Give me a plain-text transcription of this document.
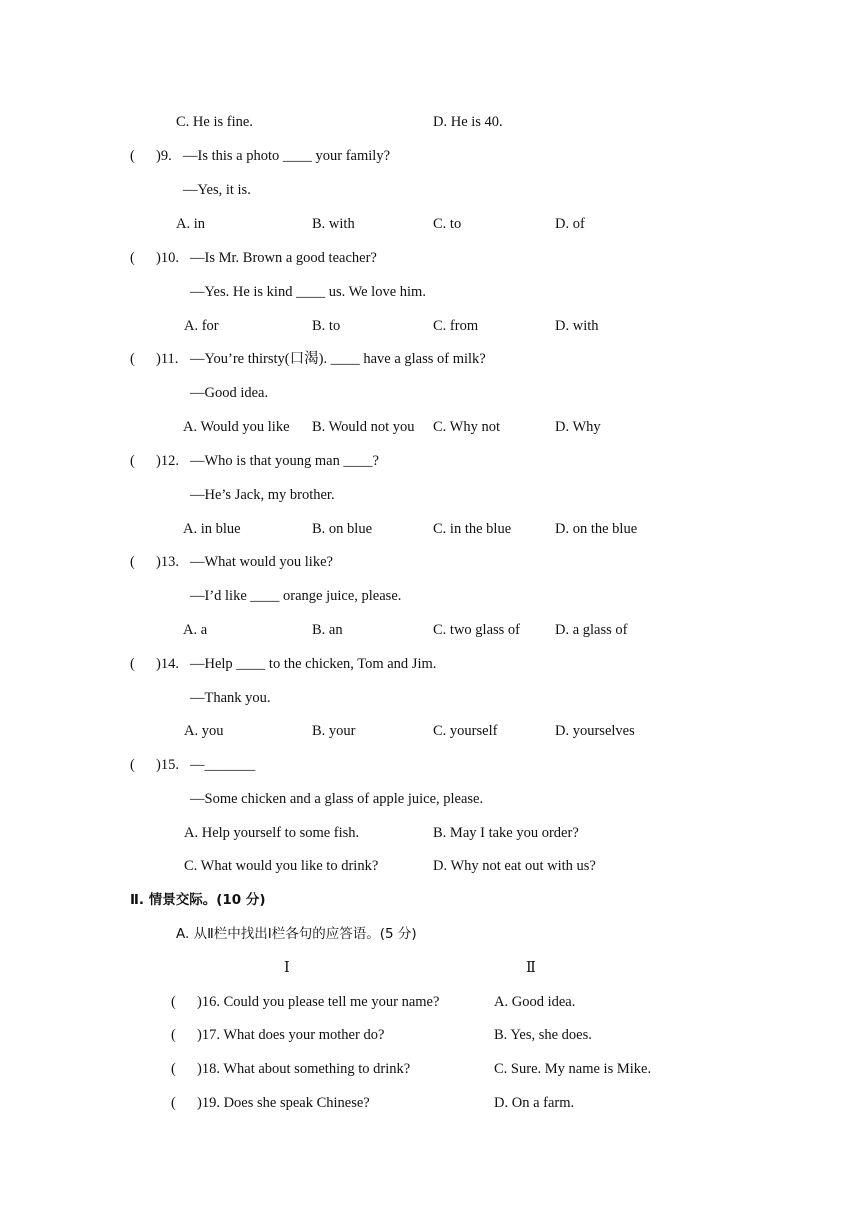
C. He is fine.	D. He is 40.
( )9. —Is this a photo ____ your family?
—Yes, it is.
A. in	B. with	C. to	D. of
( )10. —Is Mr. Brown a good teacher?
—Yes. He is kind ____ us. We love him.
A. for	B. to	C. from	D. with
( )11. —You’re thirsty(口渴). ____ have a glass of milk?
—Good idea.
A. Would you like B. Would not you C. Why not	D. Why
( )12. —Who is that young man ____?
—He’s Jack, my brother.
A. in blue	B. on blue	C. in the blue	D. on the blue
( )13. —What would you like?
—I’d like ____ orange juice, please.
A. a	B. an	C. two glass of D. a glass of
( )14. —Help ____ to the chicken, Tom and Jim.
—Thank you.
A. you	B. your	C. yourself	D. yourselves
( )15. —_______
—Some chicken and a glass of apple juice, please.
A. Help yourself to some fish.	B. May I take you order?
C. What would you like to drink?	D. Why not eat out with us?
Ⅱ. 情景交际。(10 分)
A. 从Ⅱ栏中找出Ⅰ栏各句的应答语。(5 分)
Ⅰ	Ⅱ
( )16. Could you please tell me your name?	A. Good idea.
( )17. What does your mother do?	B. Yes, she does.
( )18. What about something to drink?	C. Sure. My name is Mike.
( )19. Does she speak Chinese?	D. On a farm.
